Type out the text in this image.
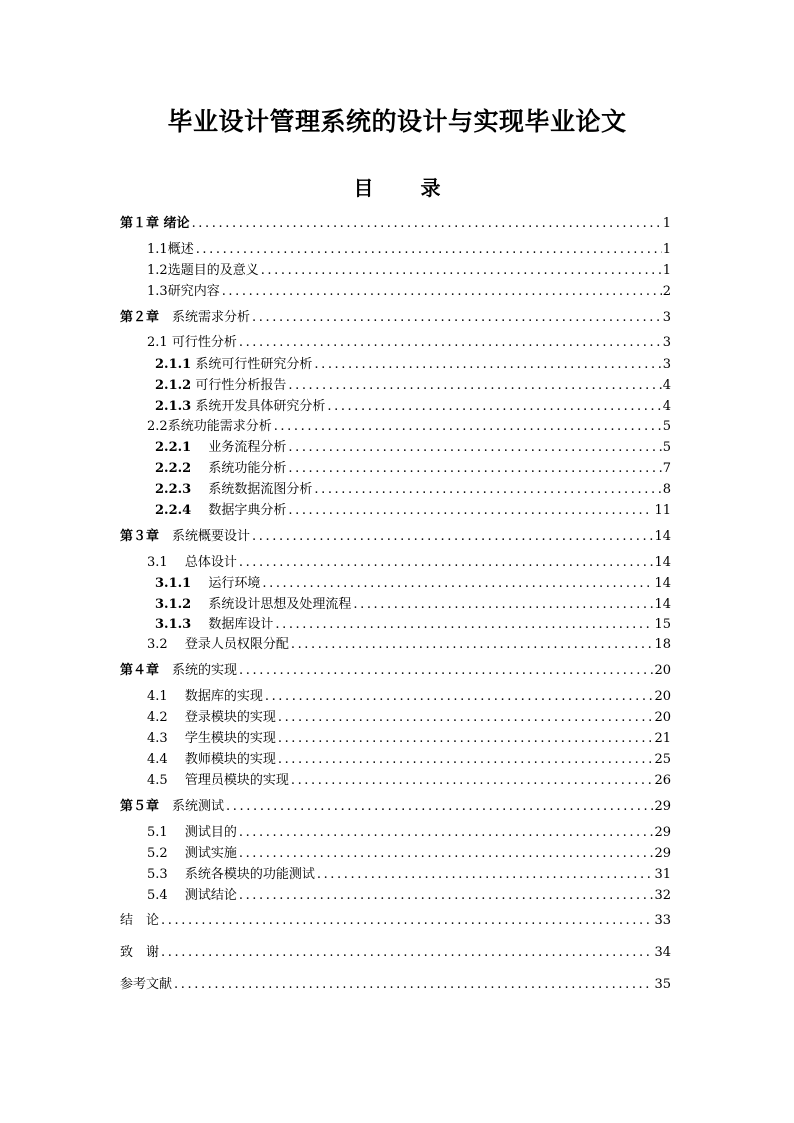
毕业设计管理系统的设计与实现毕业论文
目 录
第１章 绪论 .....	1
1.1概述 .....	1
1.2选题目的及意义 .....	1
1.3研究内容 .....	2
第２章　 系统需求分析 .....	3
2.1 可行性分析 .....	3
2.1.1 系统可行性研究分析 .....	3
2.1.2 可行性分析报告 .....	4
2.1.3 系统开发具体研究分析 .....	4
2.2系统功能需求分析 .....	5
2.2.1　 业务流程分析 .....	5
2.2.2　 系统功能分析 .....	7
2.2.3　 系统数据流图分析 .....	8
2.2.4　 数据字典分析 .....	11
第３章　 系统概要设计 .....	14
3.1　 总体设计 .....	14
3.1.1　 运行环境 .....	14
3.1.2　 系统设计思想及处理流程 .....	14
3.1.3　 数据库设计 .....	15
3.2　 登录人员权限分配 .....	18
第４章　 系统的实现 .....	20
4.1　 数据库的实现 .....	20
4.2　 登录模块的实现 .....	20
4.3　 学生模块的实现 .....	21
4.4　 教师模块的实现 .....	25
4.5　 管理员模块的实现 .....	26
第５章　 系统测试 .....	29
5.1　 测试目的 .....	29
5.2　 测试实施 .....	29
5.3　 系统各模块的功能测试 .....	31
5.4　 测试结论 .....	32
结　论 .....	33
致　谢 .....	34
参考文献 .....	35
